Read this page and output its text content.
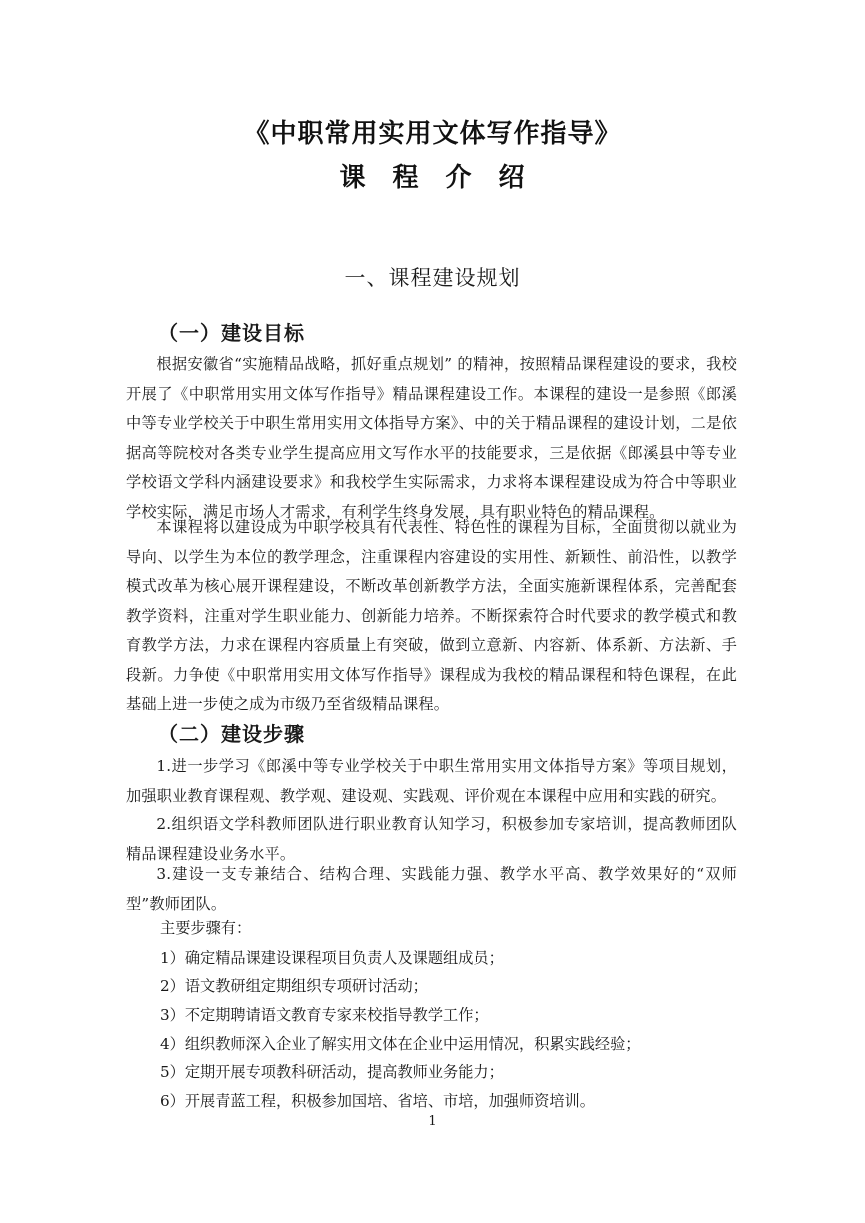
《中职常用实用文体写作指导》
课 程 介 绍
一、课程建设规划
（一）建设目标

根据安徽省“实施精品战略，抓好重点规划” 的精神，按照精品课程建设的要求，我校开展了《中职常用实用文体写作指导》精品课程建设工作。本课程的建设一是参照《郎溪中等专业学校关于中职生常用实用文体指导方案》、中的关于精品课程的建设计划，二是依据高等院校对各类专业学生提高应用文写作水平的技能要求，三是依据《郎溪县中等专业学校语文学科内涵建设要求》和我校学生实际需求，力求将本课程建设成为符合中等职业学校实际，满足市场人才需求，有利学生终身发展，具有职业特色的精品课程。

本课程将以建设成为中职学校具有代表性、特色性的课程为目标，全面贯彻以就业为导向、以学生为本位的教学理念，注重课程内容建设的实用性、新颖性、前沿性，以教学模式改革为核心展开课程建设，不断改革创新教学方法，全面实施新课程体系，完善配套教学资料，注重对学生职业能力、创新能力培养。不断探索符合时代要求的教学模式和教育教学方法，力求在课程内容质量上有突破，做到立意新、内容新、体系新、方法新、手段新。力争使《中职常用实用文体写作指导》课程成为我校的精品课程和特色课程，在此基础上进一步使之成为市级乃至省级精品课程。

（二）建设步骤

1.进一步学习《郎溪中等专业学校关于中职生常用实用文体指导方案》等项目规划，加强职业教育课程观、教学观、建设观、实践观、评价观在本课程中应用和实践的研究。

2.组织语文学科教师团队进行职业教育认知学习，积极参加专家培训，提高教师团队精品课程建设业务水平。

3.建设一支专兼结合、结构合理、实践能力强、教学水平高、教学效果好的“双师型”教师团队。

主要步骤有：
1）确定精品课建设课程项目负责人及课题组成员；
2）语文教研组定期组织专项研讨活动；
3）不定期聘请语文教育专家来校指导教学工作；
4）组织教师深入企业了解实用文体在企业中运用情况，积累实践经验；
5）定期开展专项教科研活动，提高教师业务能力；
6）开展青蓝工程，积极参加国培、省培、市培，加强师资培训。
1
